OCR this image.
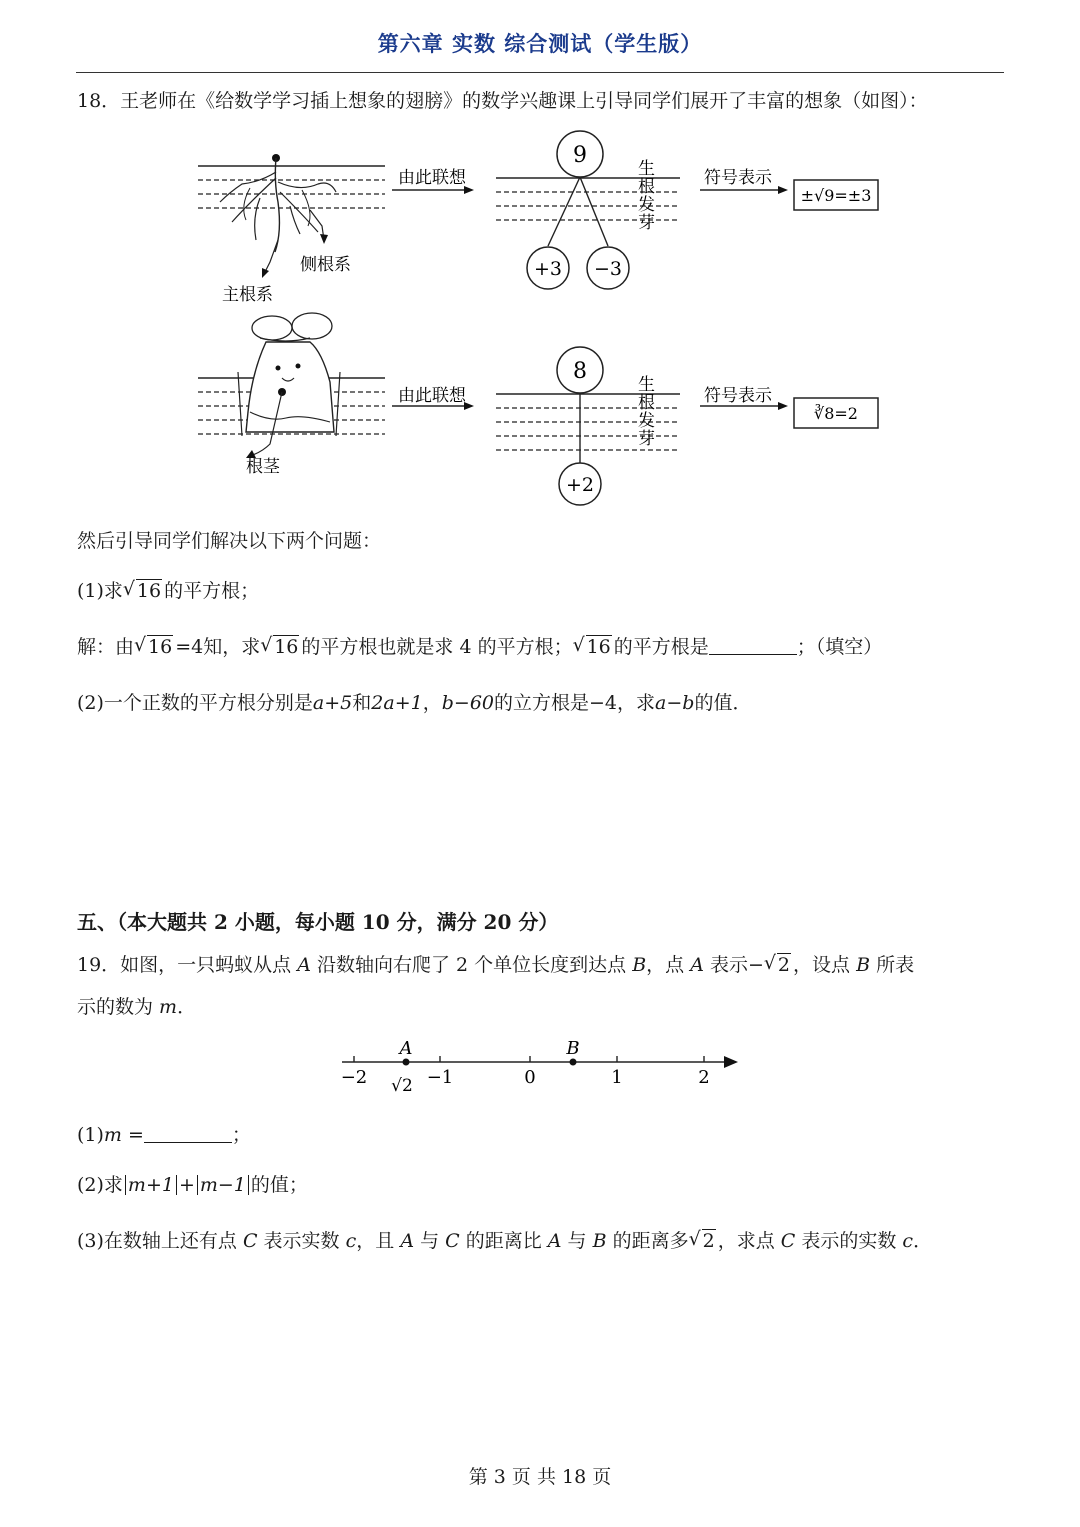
第六章 实数 综合测试（学生版）
18．王老师在《给数学学习插上想象的翅膀》的数学兴趣课上引导同学们展开了丰富的想象（如图）：
侧根系
主根系
由此联想
9
+3 −3
生
根
发
芽
符号表示
±√9=±3
根茎
由此联想
8
+2
生
根
发
芽
符号表示
∛8=2
然后引导同学们解决以下两个问题：
(1)求 √ 16 的平方根；
解：由 √ 16 =4知，求 √ 16 的平方根也就是求 4 的平方根； √ 16 的平方根是	；（填空）
(2)一个正数的平方根分别是a+5和2a+1，b−60的立方根是−4，求a−b的值．
五、（本大题共 2 小题，每小题 10 分，满分 20 分）
19．如图，一只蚂蚁从点 A 沿数轴向右爬了 2 个单位长度到达点 B，点 A 表示− √ 2 ，设点 B 所表
示的数为 m．
A	B
−2	−1	0	1	2
√2
(1)m =	；
(2)求 m+1 + m−1 的值；
(3)在数轴上还有点 C 表示实数 c，且 A 与 C 的距离比 A 与 B 的距离多 √ 2 ，求点 C 表示的实数 c．
第 3 页 共 18 页
